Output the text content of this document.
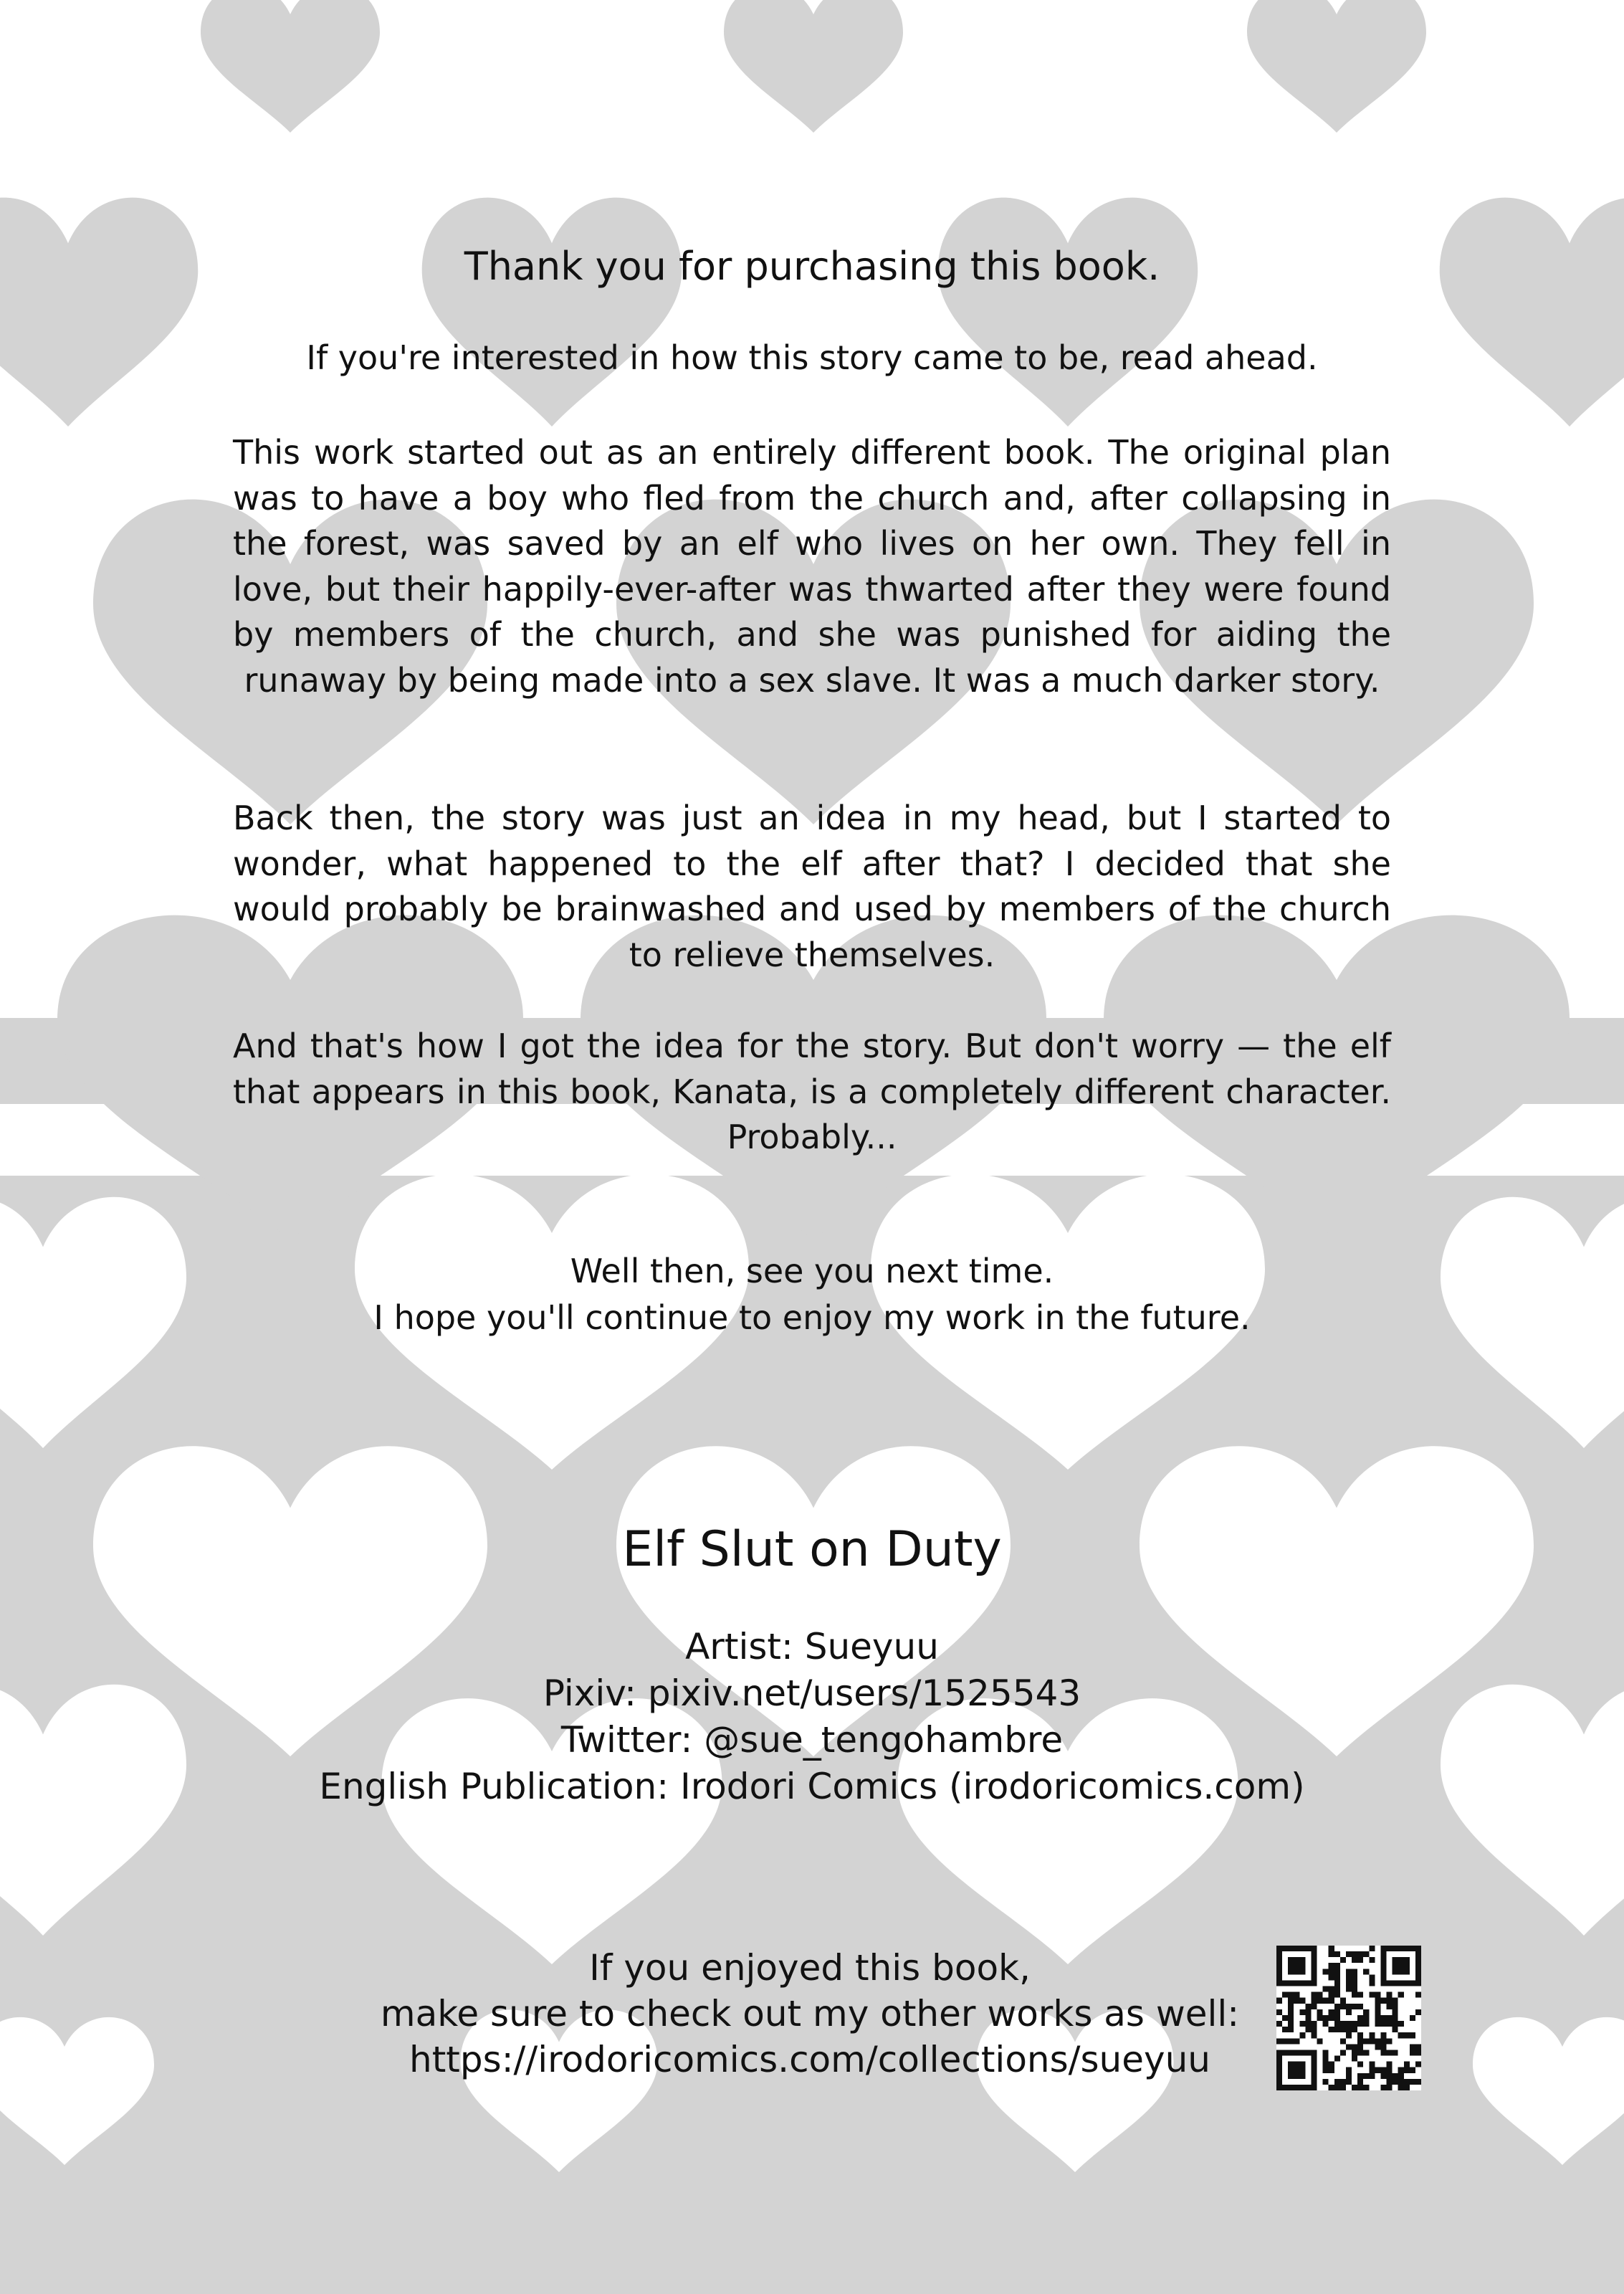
Thank you for purchasing this book.
If you're interested in how this story came to be, read ahead.
This work started out as an entirely different book. The original plan was to have a boy who fled from the church and, after collapsing in the forest, was saved by an elf who lives on her own. They fell in love, but their happily-ever-after was thwarted after they were found by members of the church, and she was punished for aiding the runaway by being made into a sex slave. It was a much darker story.
Back then, the story was just an idea in my head, but I started to wonder, what happened to the elf after that? I decided that she would probably be brainwashed and used by members of the church to relieve themselves.
And that's how I got the idea for the story. But don't worry — the elf that appears in this book, Kanata, is a completely different character. Probably...
Well then, see you next time.
I hope you'll continue to enjoy my work in the future.
Elf Slut on Duty
Artist: Sueyuu
Pixiv: pixiv.net/users/1525543
Twitter: @sue_tengohambre
English Publication: Irodori Comics (irodoricomics.com)
If you enjoyed this book,
make sure to check out my other works as well:
https://irodoricomics.com/collections/sueyuu
